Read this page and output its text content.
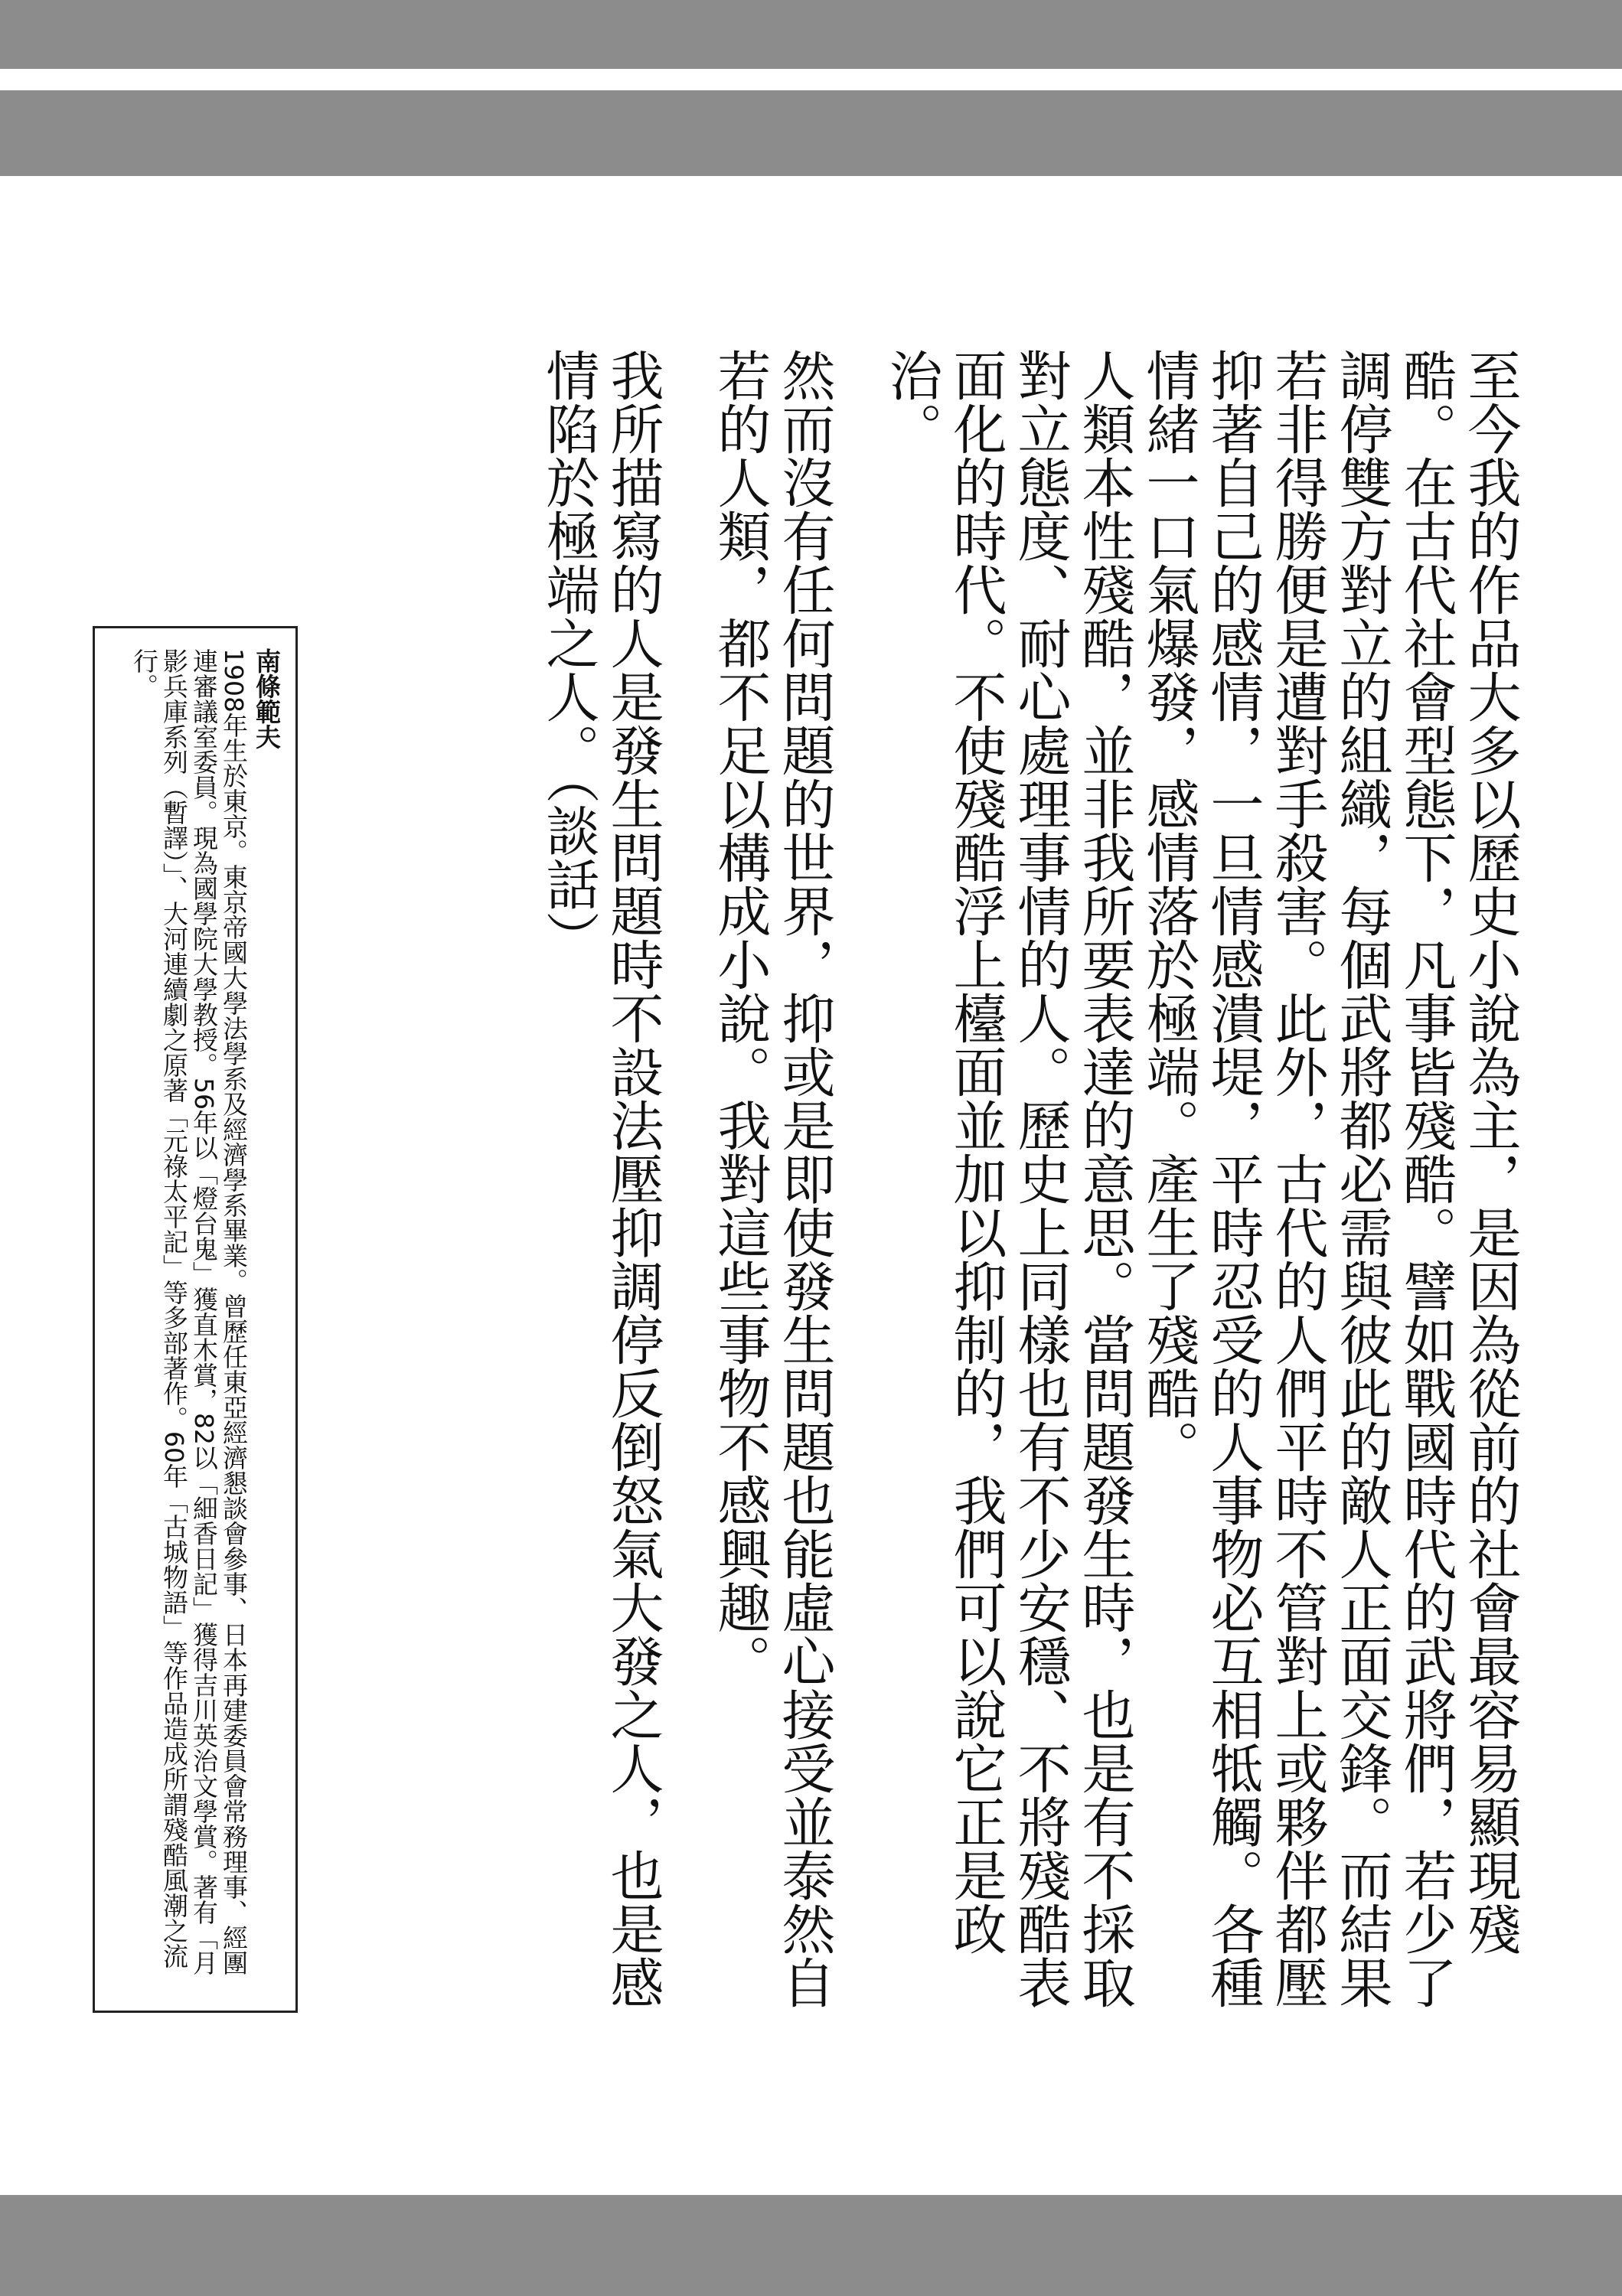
至今我的作品大多以歷史小說為主，是因為從前的社會最容易顯現殘酷。在古代社會型態下，凡事皆殘酷。譬如戰國時代的武將們，若少了調停雙方對立的組織，每個武將都必需與彼此的敵人正面交鋒。而結果若非得勝便是遭對手殺害。此外，古代的人們平時不管對上或夥伴都壓抑著自己的感情，一旦情感潰堤，平時忍受的人事物必互相牴觸。各種情緒一口氣爆發，感情落於極端。產生了殘酷。

人類本性殘酷，並非我所要表達的意思。當問題發生時，也是有不採取對立態度、耐心處理事情的人。歷史上同樣也有不少安穩、不將殘酷表面化的時代。不使殘酷浮上檯面並加以抑制的，我們可以說它正是政治。

然而沒有任何問題的世界，抑或是即使發生問題也能虛心接受並泰然自若的人類，都不足以構成小說。我對這些事物不感興趣。

我所描寫的人是發生問題時不設法壓抑調停反倒怒氣大發之人，也是感情陷於極端之人。（談話）

南條範夫
1908年生於東京。東京帝國大學法學系及經濟學系畢業。曾歷任東亞經濟懇談會參事、日本再建委員會常務理事、經團連審議室委員。現為國學院大學教授。56年以「燈台鬼」獲直木賞，82以「細香日記」獲得吉川英治文學賞。著有「月影兵庫系列（暫譯）」、大河連續劇之原著「元祿太平記」等多部著作。60年「古城物語」等作品造成所謂殘酷風潮之流行。
